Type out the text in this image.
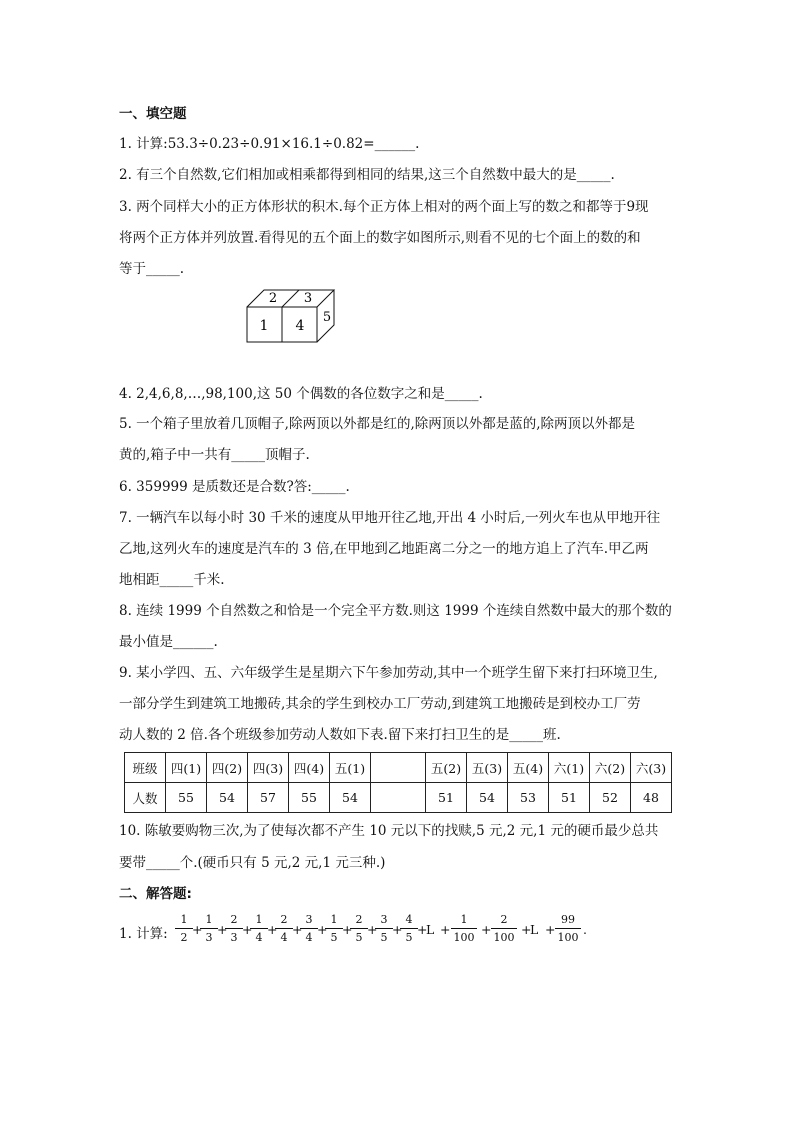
一、填空题
1. 计算:53.3÷0.23÷0.91×16.1÷0.82=______.
2. 有三个自然数,它们相加或相乘都得到相同的结果,这三个自然数中最大的是_____.
3. 两个同样大小的正方体形状的积木.每个正方体上相对的两个面上写的数之和都等于9现
将两个正方体并列放置.看得见的五个面上的数字如图所示,则看不见的七个面上的数的和
等于_____.
2 3
1 4
5
4. 2,4,6,8,…,98,100,这 50 个偶数的各位数字之和是_____.
5. 一个箱子里放着几顶帽子,除两顶以外都是红的,除两顶以外都是蓝的,除两顶以外都是
黄的,箱子中一共有_____顶帽子.
6. 359999 是质数还是合数?答:_____.
7. 一辆汽车以每小时 30 千米的速度从甲地开往乙地,开出 4 小时后,一列火车也从甲地开往
乙地,这列火车的速度是汽车的 3 倍,在甲地到乙地距离二分之一的地方追上了汽车.甲乙两
地相距_____千米.
8. 连续 1999 个自然数之和恰是一个完全平方数.则这 1999 个连续自然数中最大的那个数的
最小值是______.
9. 某小学四、五、六年级学生是星期六下午参加劳动,其中一个班学生留下来打扫环境卫生,
一部分学生到建筑工地搬砖,其余的学生到校办工厂劳动,到建筑工地搬砖是到校办工厂劳
动人数的 2 倍.各个班级参加劳动人数如下表.留下来打扫卫生的是_____班.
班级	四(1)	四(2)	四(3)	四(4)	五(1)		五(2)	五(3)	五(4)	六(1)	六(2)	六(3)
人数	55	54	57	55	54		51	54	53	51	52	48
10. 陈敏要购物三次,为了使每次都不产生 10 元以下的找赎,5 元,2 元,1 元的硬币最少总共
要带_____个.(硬币只有 5 元,2 元,1 元三种.)
二、解答题:
1. 计算:
1
2
+
1
3
+
2
3
+
1
4
+
2
4
+
3
4
+
1
5
+
2
5
+
3
5
+
4
5
+
L +
1
100
+
2
100
+
L +
99
100
.
